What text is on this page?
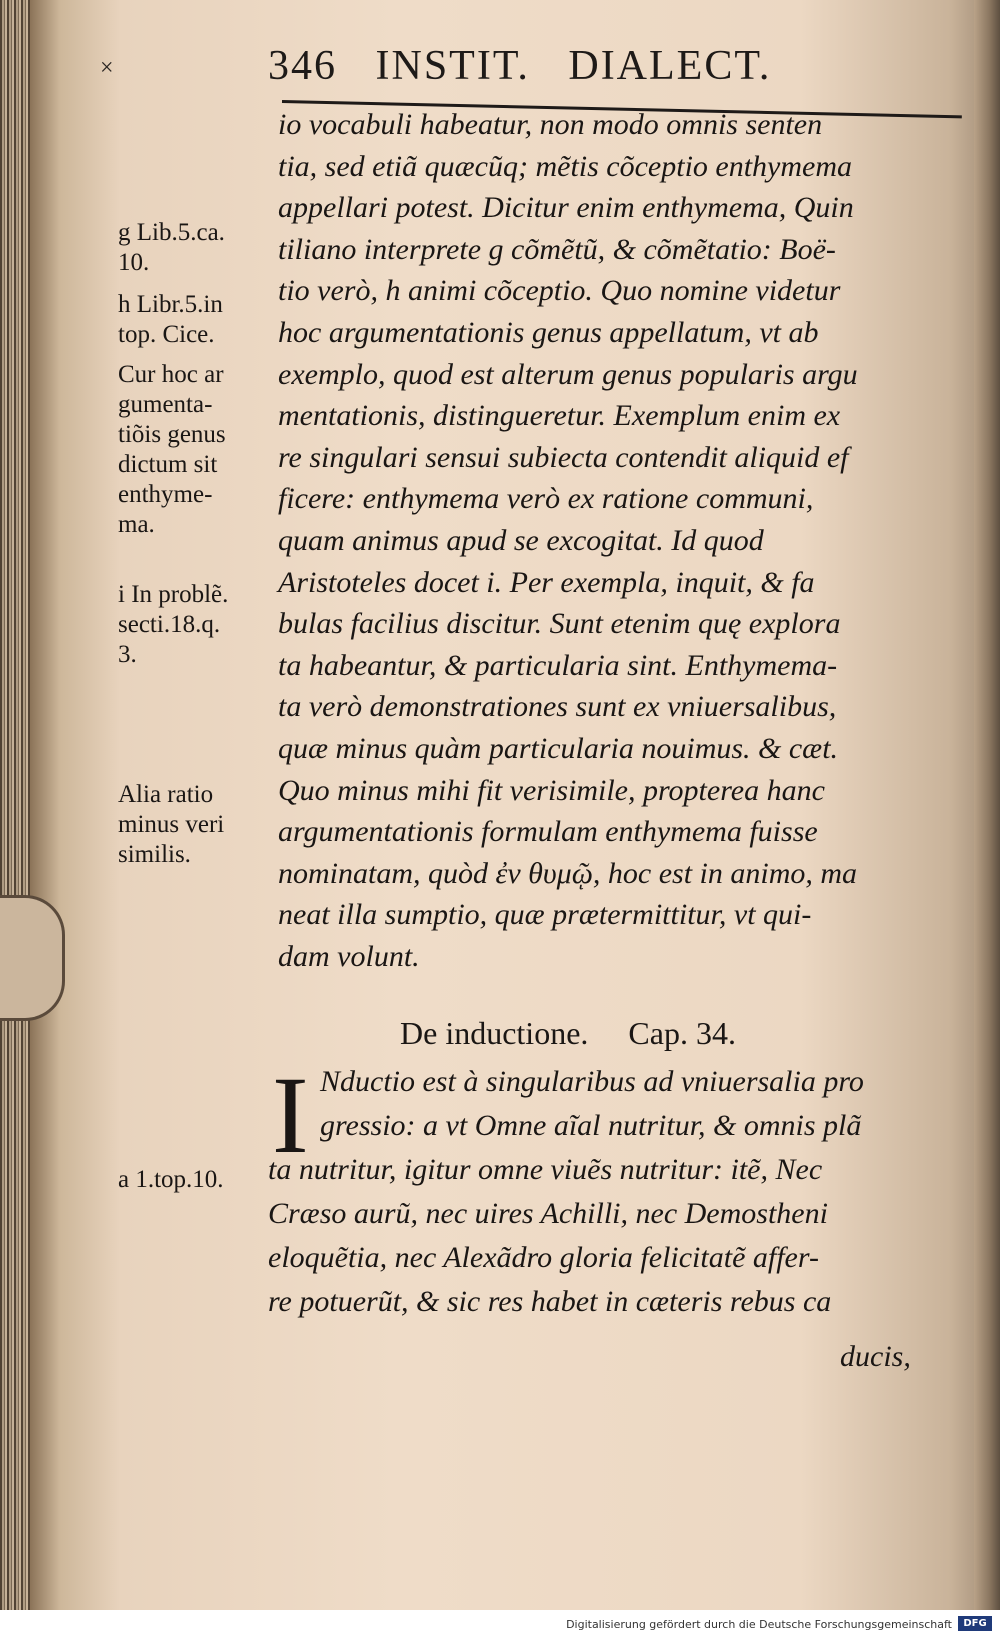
×	346 INSTIT. DIALECT.
io vocabuli habeatur, non modo omnis senten
tia, sed etiã quæcũq; mẽtis cõceptio enthymema
appellari potest. Dicitur enim enthymema, Quin
tiliano interprete g cõmẽtũ, & cõmẽtatio: Boë-
tio verò, h animi cõceptio. Quo nomine videtur
hoc argumentationis genus appellatum, vt ab
exemplo, quod est alterum genus popularis argu
mentationis, distingueretur. Exemplum enim ex
re singulari sensui subiecta contendit aliquid ef
ficere: enthymema verò ex ratione communi,
quam animus apud se excogitat. Id quod
Aristoteles docet i. Per exempla, inquit, & fa
bulas facilius discitur. Sunt etenim quę explora
ta habeantur, & particularia sint. Enthymema-
ta verò demonstrationes sunt ex vniuersalibus,
quæ minus quàm particularia nouimus. & cæt.
Quo minus mihi fit verisimile, propterea hanc
argumentationis formulam enthymema fuisse
nominatam, quòd ἐν θυμῷ, hoc est in animo, ma
neat illa sumptio, quæ prætermittitur, vt qui-
dam volunt.
g Lib.5.ca.
10.
h Libr.5.in
top. Cice.
Cur hoc ar
gumenta-
tiõis genus
dictum sit
enthyme-
ma.
i In problẽ.
secti.18.q.
3.
Alia ratio
minus veri
similis.
a 1.top.10.
De inductione. Cap. 34.
I Nductio est à singularibus ad vniuersalia pro
gressio: a vt Omne aĩal nutritur, & omnis plã
ta nutritur, igitur omne viuẽs nutritur: itẽ, Nec
Cræso aurũ, nec uires Achilli, nec Demostheni
eloquẽtia, nec Alexãdro gloria felicitatẽ affer-
re potuerũt, & sic res habet in cæteris rebus ca
ducis,
Digitalisierung gefördert durch die Deutsche Forschungsgemeinschaft	DFG
